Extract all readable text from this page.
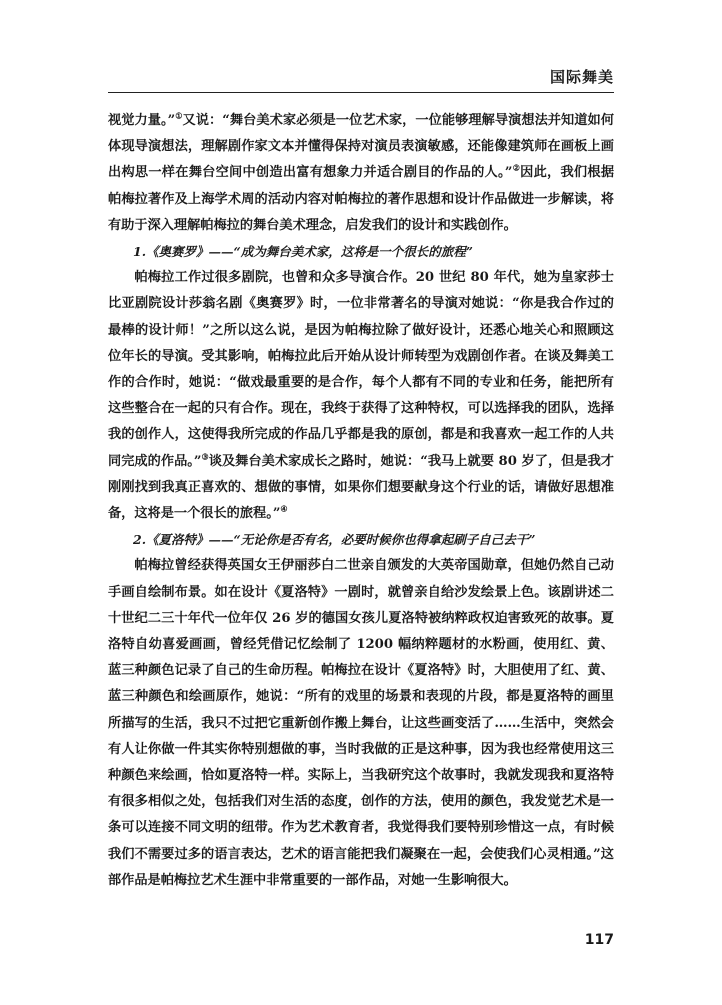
国际舞美

视觉力量。”①又说：“舞台美术家必须是一位艺术家，一位能够理解导演想法并知道如何体现导演想法，理解剧作家文本并懂得保持对演员表演敏感，还能像建筑师在画板上画出构思一样在舞台空间中创造出富有想象力并适合剧目的作品的人。”②因此，我们根据帕梅拉著作及上海学术周的活动内容对帕梅拉的著作思想和设计作品做进一步解读，将有助于深入理解帕梅拉的舞台美术理念，启发我们的设计和实践创作。

1.《奥赛罗》——“成为舞台美术家，这将是一个很长的旅程”

帕梅拉工作过很多剧院，也曾和众多导演合作。20 世纪 80 年代，她为皇家莎士比亚剧院设计莎翁名剧《奥赛罗》时，一位非常著名的导演对她说：“你是我合作过的最棒的设计师！”之所以这么说，是因为帕梅拉除了做好设计，还悉心地关心和照顾这位年长的导演。受其影响，帕梅拉此后开始从设计师转型为戏剧创作者。在谈及舞美工作的合作时，她说：“做戏最重要的是合作，每个人都有不同的专业和任务，能把所有这些整合在一起的只有合作。现在，我终于获得了这种特权，可以选择我的团队，选择我的创作人，这使得我所完成的作品几乎都是我的原创，都是和我喜欢一起工作的人共同完成的作品。”③谈及舞台美术家成长之路时，她说：“我马上就要 80 岁了，但是我才刚刚找到我真正喜欢的、想做的事情，如果你们想要献身这个行业的话，请做好思想准备，这将是一个很长的旅程。”④

2.《夏洛特》——“无论你是否有名，必要时候你也得拿起刷子自己去干”

帕梅拉曾经获得英国女王伊丽莎白二世亲自颁发的大英帝国勋章，但她仍然自己动手画自绘制布景。如在设计《夏洛特》一剧时，就曾亲自给沙发绘景上色。该剧讲述二十世纪二三十年代一位年仅 26 岁的德国女孩儿夏洛特被纳粹政权迫害致死的故事。夏洛特自幼喜爱画画，曾经凭借记忆绘制了 1200 幅纳粹题材的水粉画，使用红、黄、蓝三种颜色记录了自己的生命历程。帕梅拉在设计《夏洛特》时，大胆使用了红、黄、蓝三种颜色和绘画原作，她说：“所有的戏里的场景和表现的片段，都是夏洛特的画里所描写的生活，我只不过把它重新创作搬上舞台，让这些画变活了……生活中，突然会有人让你做一件其实你特别想做的事，当时我做的正是这种事，因为我也经常使用这三种颜色来绘画，恰如夏洛特一样。实际上，当我研究这个故事时，我就发现我和夏洛特有很多相似之处，包括我们对生活的态度，创作的方法，使用的颜色，我发觉艺术是一条可以连接不同文明的纽带。作为艺术教育者，我觉得我们要特别珍惜这一点，有时候我们不需要过多的语言表达，艺术的语言能把我们凝聚在一起，会使我们心灵相通。”这部作品是帕梅拉艺术生涯中非常重要的一部作品，对她一生影响很大。

117
